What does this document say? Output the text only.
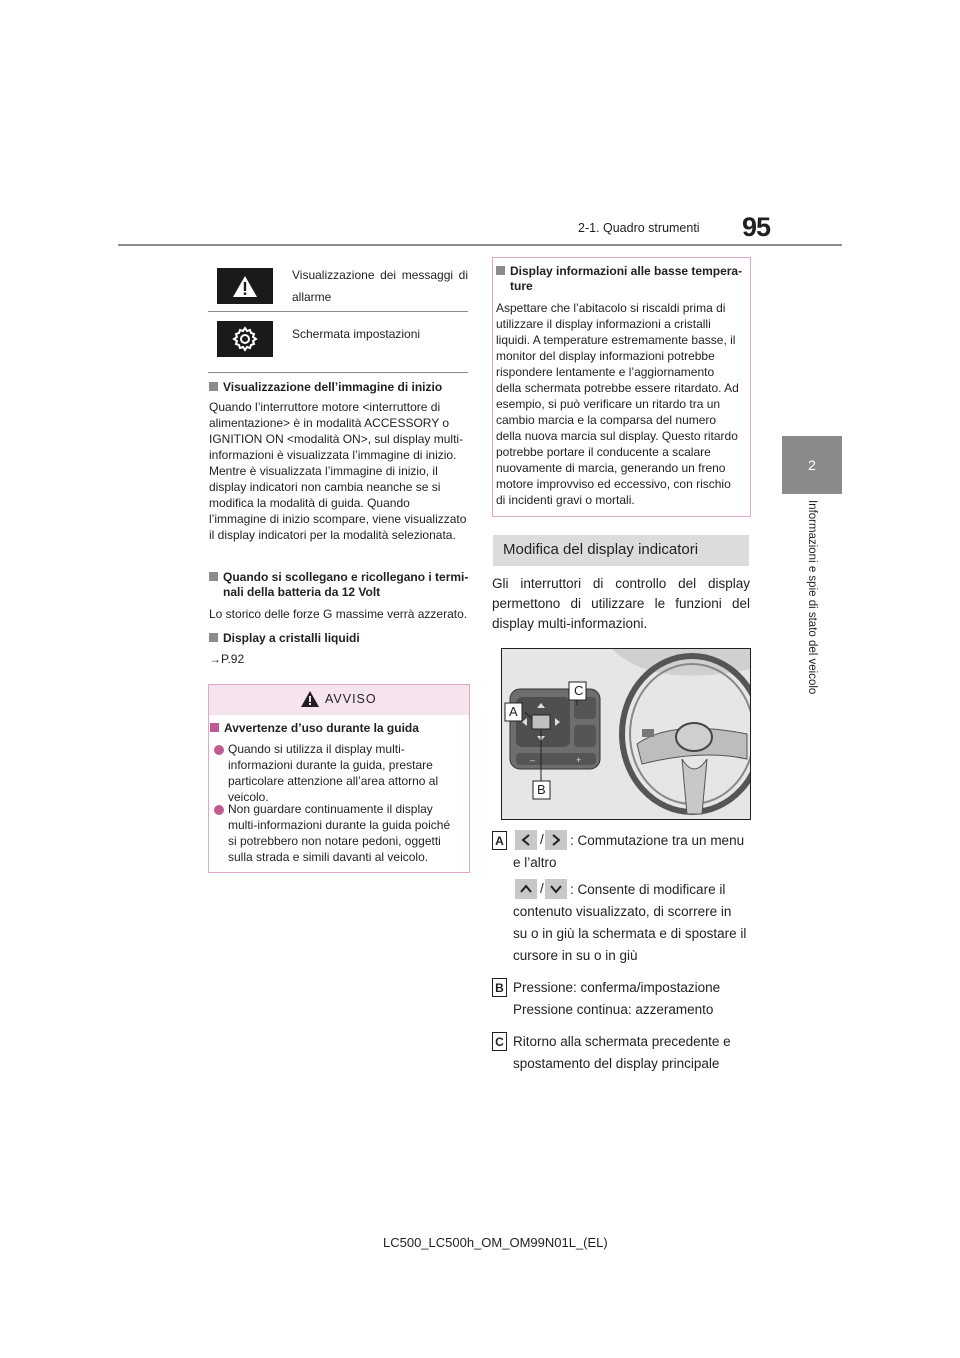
2-1. Quadro strumenti 95
2
Informazioni e spie di stato del veicolo
Visualizzazione dei messaggi di allarme
Schermata impostazioni
Visualizzazione dell’immagine di inizio
Quando l’interruttore motore <interruttore di alimentazione> è in modalità ACCESSORY o IGNITION ON <modalità ON>, sul display multi-informazioni è visualizzata l’immagine di inizio.
Mentre è visualizzata l’immagine di inizio, il display indicatori non cambia neanche se si modifica la modalità di guida. Quando l’immagine di inizio scompare, viene visualizzato il display indicatori per la modalità selezionata.
Quando si scollegano e ricollegano i termi-
nali della batteria da 12 Volt
Lo storico delle forze G massime verrà azzerato.
Display a cristalli liquidi
→P.92
AVVISO
Avvertenze d’uso durante la guida
Quando si utilizza il display multi-informazioni durante la guida, prestare particolare attenzione all’area attorno al veicolo.
Non guardare continuamente il display multi-informazioni durante la guida poiché si potrebbero non notare pedoni, oggetti sulla strada e simili davanti al veicolo.
Display informazioni alle basse tempera-
ture
Aspettare che l’abitacolo si riscaldi prima di utilizzare il display informazioni a cristalli liquidi. A temperature estremamente basse, il monitor del display informazioni potrebbe rispondere lentamente e l’aggiornamento della schermata potrebbe essere ritardato. Ad esempio, si può verificare un ritardo tra un cambio marcia e la comparsa del numero della nuova marcia sul display. Questo ritardo potrebbe portare il conducente a scalare nuovamente di marcia, generando un freno motore improvviso ed eccessivo, con rischio di incidenti gravi o mortali.
Modifica del display indicatori
Gli interruttori di controllo del display permettono di utilizzare le funzioni del display multi-informazioni.
–	+
C
A
B
A	/	: Commutazione tra un menu e l’altro
/	: Consente di modificare il contenuto visualizzato, di scorrere in su o in giù la schermata e di spostare il cursore in su o in giù
B Pressione: conferma/impostazione
Pressione continua: azzeramento
C Ritorno alla schermata precedente e spostamento del display principale
LC500_LC500h_OM_OM99N01L_(EL)
